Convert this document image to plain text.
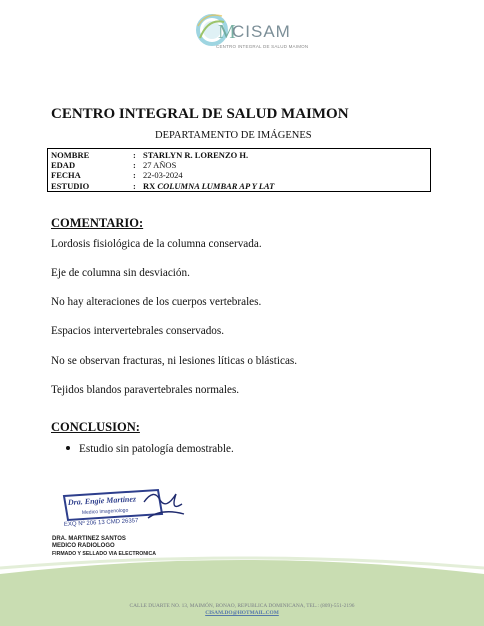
M
CISAM
CENTRO INTEGRAL DE SALUD MAIMON
CENTRO INTEGRAL DE SALUD MAIMON
DEPARTAMENTO DE IMÁGENES
NOMBRE	: STARLYN R. LORENZO H.
EDAD	: 27 AÑOS
FECHA	: 22-03-2024
ESTUDIO	: RX
COLUMNA LUMBAR AP Y LAT
COMENTARIO:
Lordosis fisiológica de la columna conservada.
Eje de columna sin desviación.
No hay alteraciones de los cuerpos vertebrales.
Espacios intervertebrales conservados.
No se observan fracturas, ni lesiones líticas o blásticas.
Tejidos blandos paravertebrales normales.
CONCLUSION:
Estudio sin patología demostrable.
Dra. Engie Martinez
Medico Imagenologo
EXQ Nº 206 13 CMD 26357
DRA. MARTINEZ SANTOS
MEDICO RADIOLOGO
FIRMADO Y SELLADO VIA ELECTRONICA
CALLE DUARTE NO. 13, MAIMÓN, BONAO, REPUBLICA DOMINICANA, TEL.: (809)-551-2196
CISAM.DO@HOTMAIL.COM
